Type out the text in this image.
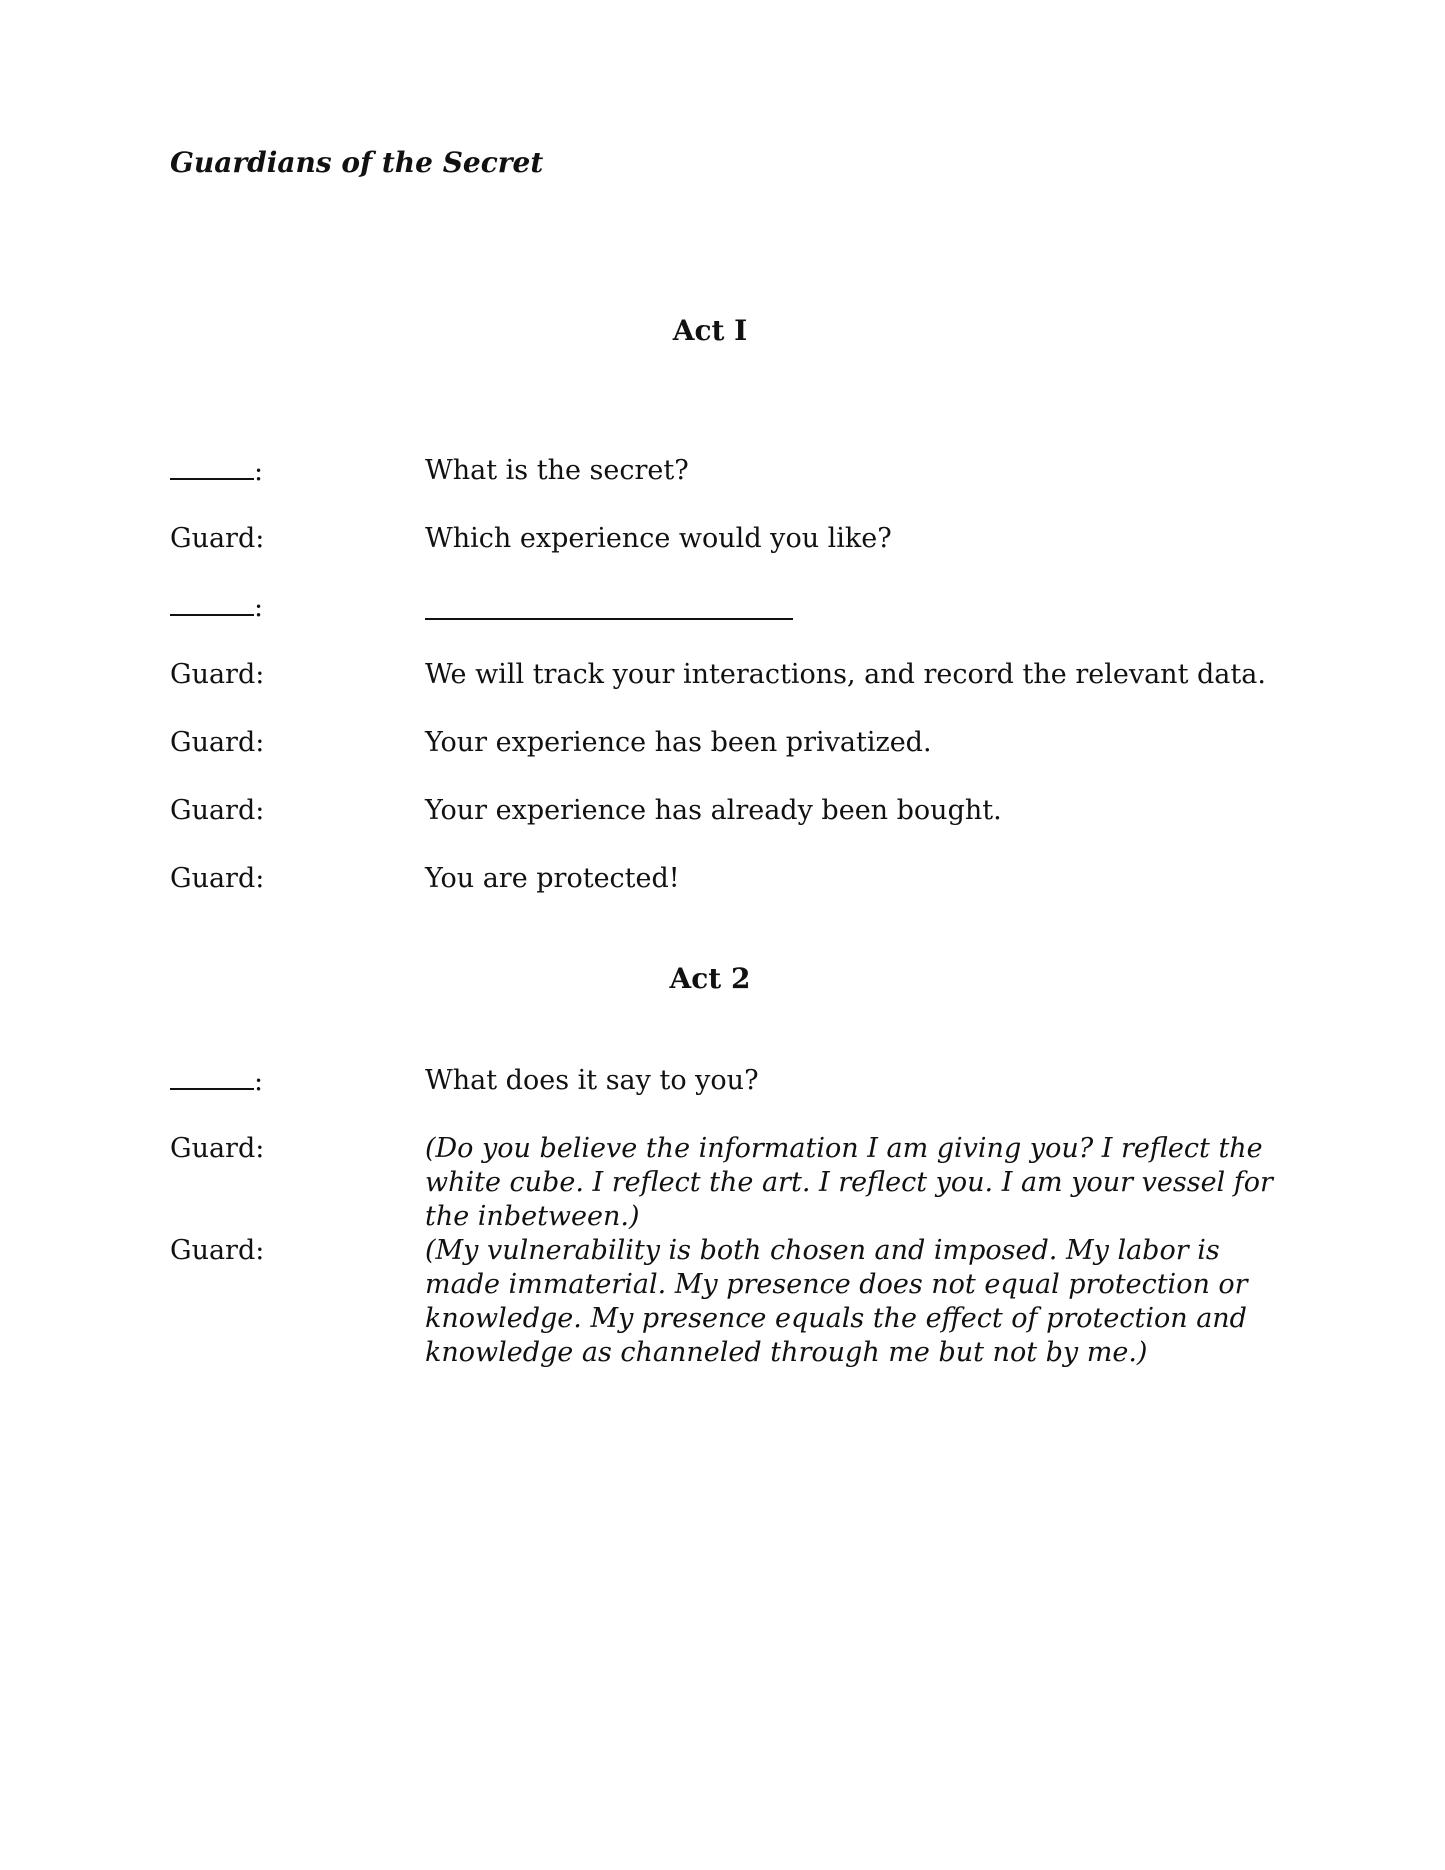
Guardians of the Secret
Act I
:	What is the secret?
Guard:	Which experience would you like?
:
Guard:	We will track your interactions, and record the relevant data.
Guard:	Your experience has been privatized.
Guard:	Your experience has already been bought.
Guard:	You are protected!
Act 2
:	What does it say to you?
Guard:	(Do you believe the information I am giving you? I reflect the white cube. I reflect the art. I reflect you. I am your vessel for the inbetween.)
Guard:	(My vulnerability is both chosen and imposed. My labor is made immaterial. My presence does not equal protection or knowledge. My presence equals the effect of protection and knowledge as channeled through me but not by me.)
